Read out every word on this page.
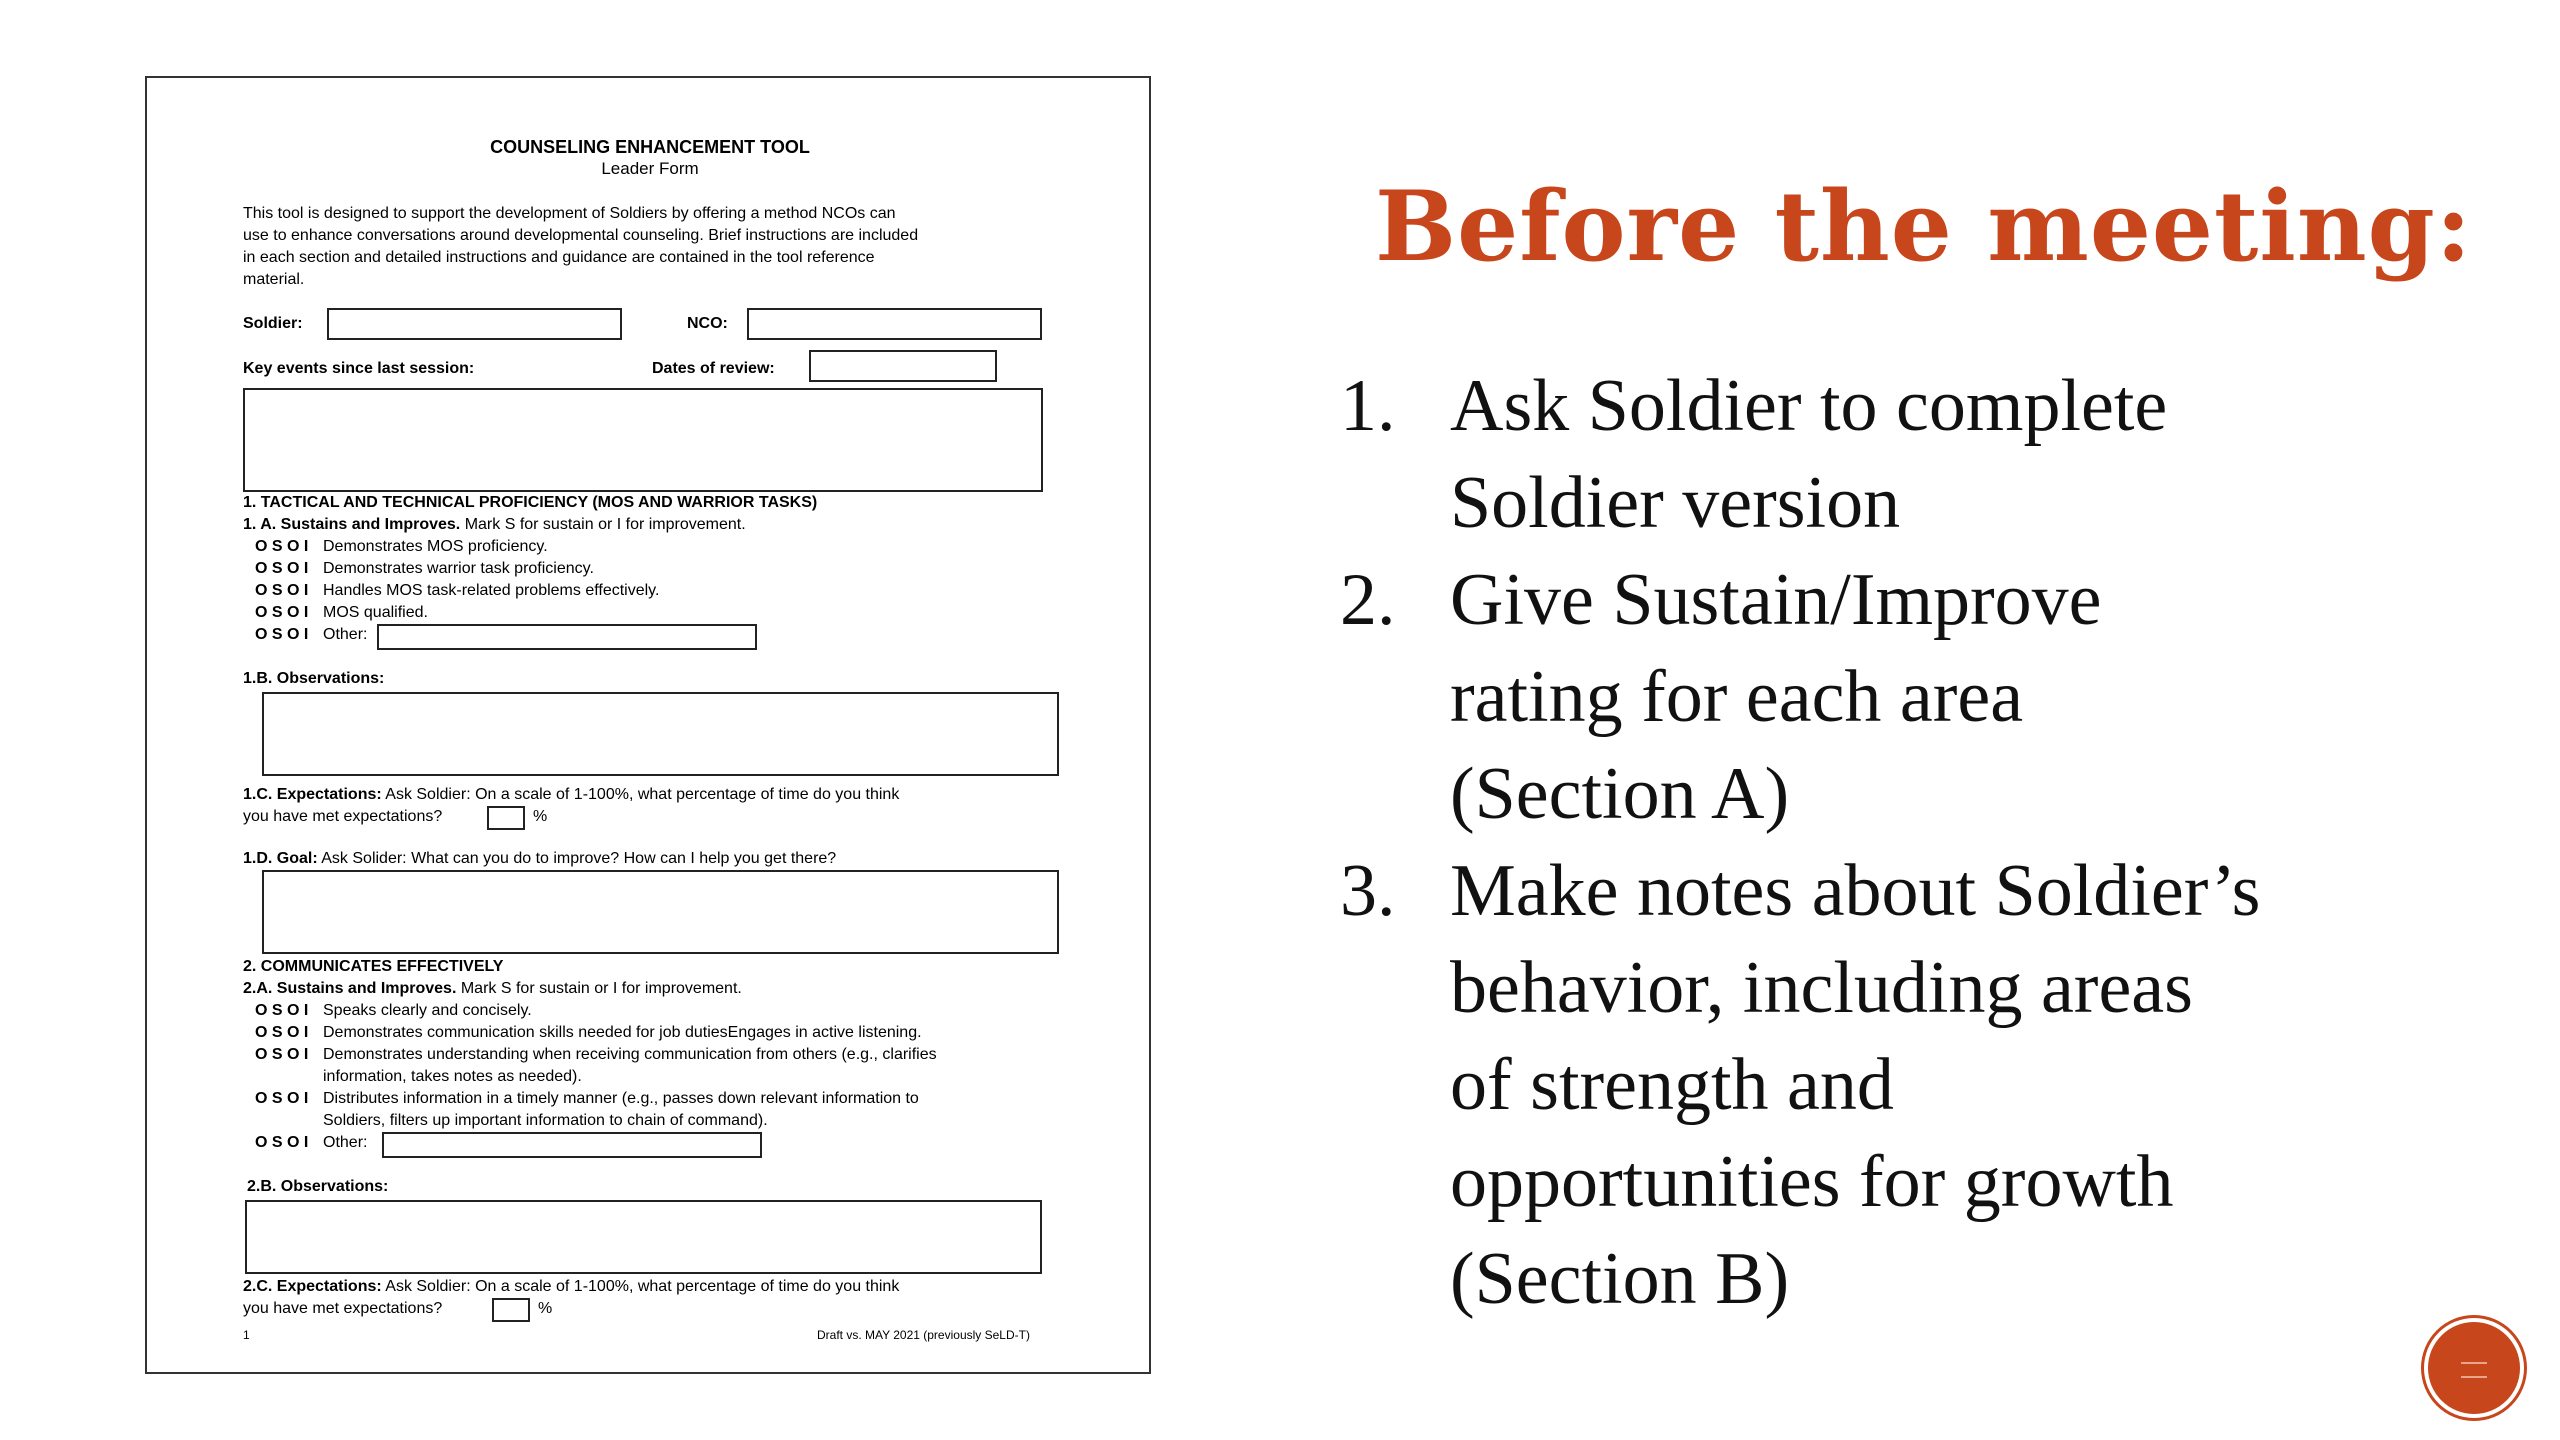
COUNSELING ENHANCEMENT TOOL
Leader Form
This tool is designed to support the development of Soldiers by offering a method NCOs can
use to enhance conversations around developmental counseling. Brief instructions are included
in each section and detailed instructions and guidance are contained in the tool reference
material.
Soldier:	NCO:
Key events since last session:	Dates of review:
1. TACTICAL AND TECHNICAL PROFICIENCY (MOS AND WARRIOR TASKS)
1. A. Sustains and Improves. Mark S for sustain or I for improvement.
O S O I Demonstrates MOS proficiency.
O S O I Demonstrates warrior task proficiency.
O S O I Handles MOS task-related problems effectively.
O S O I MOS qualified.
O S O I Other:
1.B. Observations:
1.C. Expectations: Ask Soldier: On a scale of 1-100%, what percentage of time do you think
you have met expectations?	%
1.D. Goal: Ask Solider: What can you do to improve? How can I help you get there?
2. COMMUNICATES EFFECTIVELY
2.A. Sustains and Improves. Mark S for sustain or I for improvement.
O S O I Speaks clearly and concisely.
O S O I Demonstrates communication skills needed for job dutiesEngages in active listening.
O S O I Demonstrates understanding when receiving communication from others (e.g., clarifies
information, takes notes as needed).
O S O I Distributes information in a timely manner (e.g., passes down relevant information to
Soldiers, filters up important information to chain of command).
O S O I Other:
2.B. Observations:
2.C. Expectations: Ask Soldier: On a scale of 1-100%, what percentage of time do you think
you have met expectations?	%
1	Draft vs. MAY 2021 (previously SeLD-T)
Before the meeting:
1. Ask Soldier to complete
Soldier version
2. Give Sustain/Improve
rating for each area
(Section A)
3. Make notes about Soldier’s
behavior, including areas
of strength and
opportunities for growth
(Section B)
